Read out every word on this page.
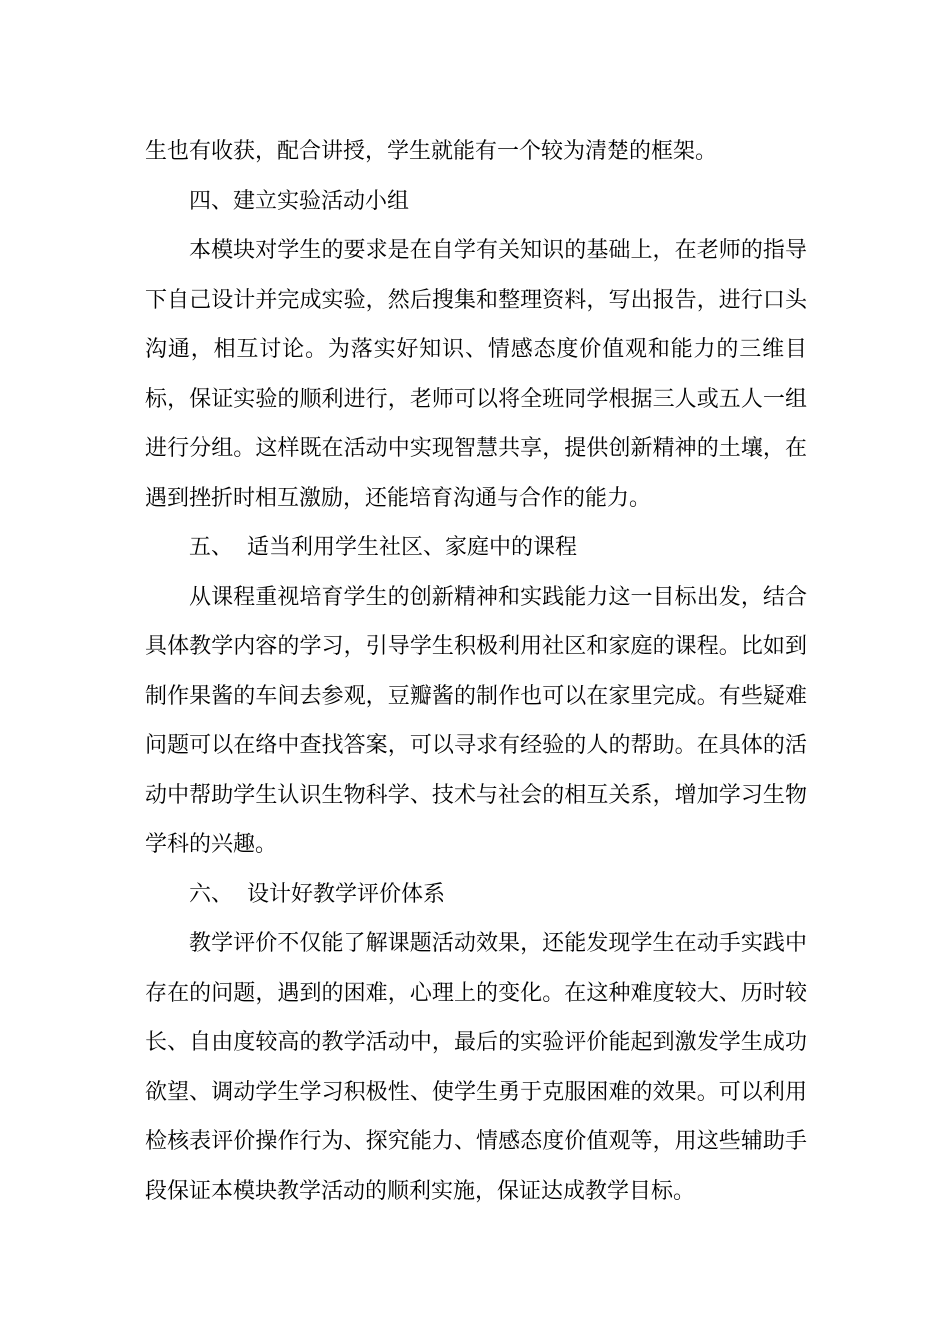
生也有收获，配合讲授，学生就能有一个较为清楚的框架。

四、建立实验活动小组

本模块对学生的要求是在自学有关知识的基础上，在老师的指导下自己设计并完成实验，然后搜集和整理资料，写出报告，进行口头沟通，相互讨论。为落实好知识、情感态度价值观和能力的三维目标，保证实验的顺利进行，老师可以将全班同学根据三人或五人一组进行分组。这样既在活动中实现智慧共享，提供创新精神的土壤，在遇到挫折时相互激励，还能培育沟通与合作的能力。

五、  适当利用学生社区、家庭中的课程

从课程重视培育学生的创新精神和实践能力这一目标出发，结合具体教学内容的学习，引导学生积极利用社区和家庭的课程。比如到制作果酱的车间去参观，豆瓣酱的制作也可以在家里完成。有些疑难问题可以在络中查找答案，可以寻求有经验的人的帮助。在具体的活动中帮助学生认识生物科学、技术与社会的相互关系，增加学习生物学科的兴趣。

六、  设计好教学评价体系

教学评价不仅能了解课题活动效果，还能发现学生在动手实践中存在的问题，遇到的困难，心理上的变化。在这种难度较大、历时较长、自由度较高的教学活动中，最后的实验评价能起到激发学生成功欲望、调动学生学习积极性、使学生勇于克服困难的效果。可以利用检核表评价操作行为、探究能力、情感态度价值观等，用这些辅助手段保证本模块教学活动的顺利实施，保证达成教学目标。
